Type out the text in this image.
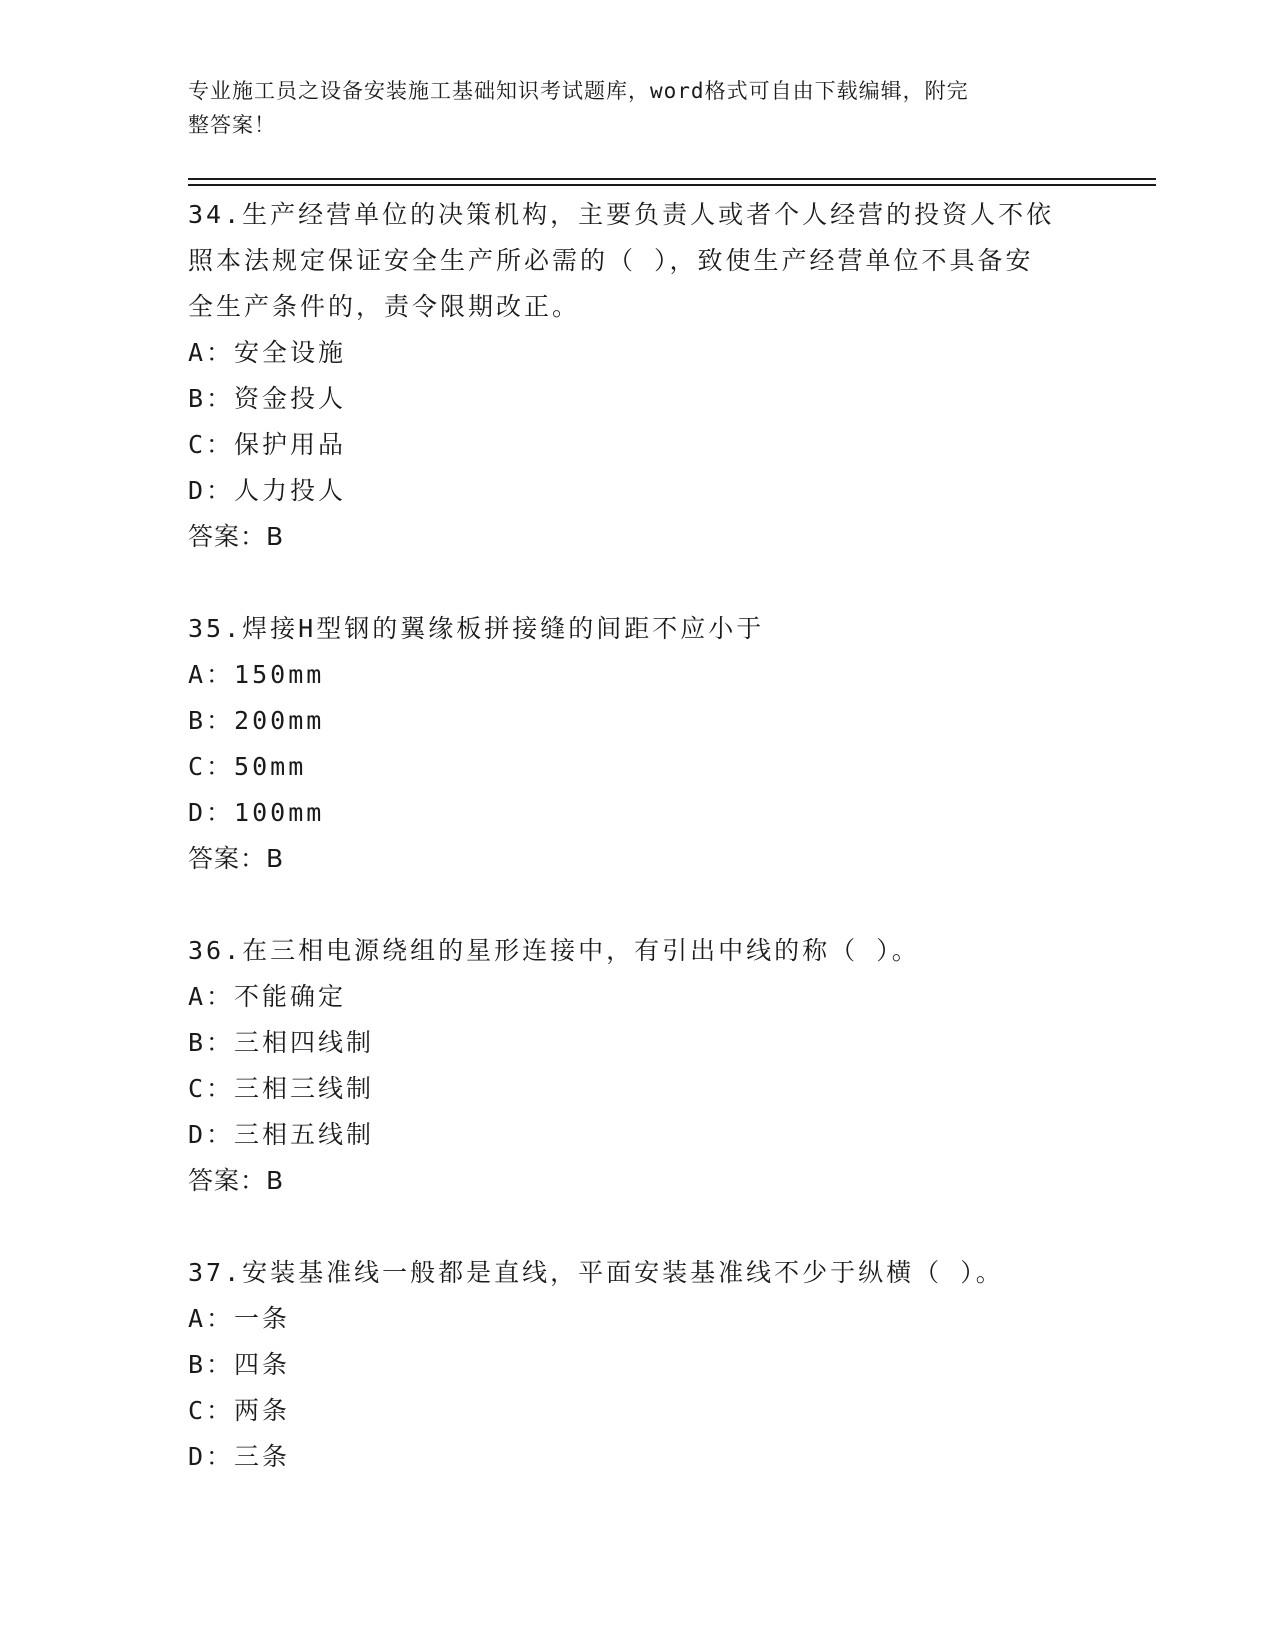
专业施工员之设备安装施工基础知识考试题库，word格式可自由下载编辑，附完
整答案！
34.生产经营单位的决策机构，主要负责人或者个人经营的投资人不依
照本法规定保证安全生产所必需的（ ），致使生产经营单位不具备安
全生产条件的，责令限期改正。
A：安全设施
B：资金投人
C：保护用品
D：人力投人
答案：B
35.焊接H型钢的翼缘板拼接缝的间距不应小于
A：150mm
B：200mm
C：50mm
D：100mm
答案：B
36.在三相电源绕组的星形连接中，有引出中线的称（ ）。
A：不能确定
B：三相四线制
C：三相三线制
D：三相五线制
答案：B
37.安装基准线一般都是直线，平面安装基准线不少于纵横（ ）。
A：一条
B：四条
C：两条
D：三条
